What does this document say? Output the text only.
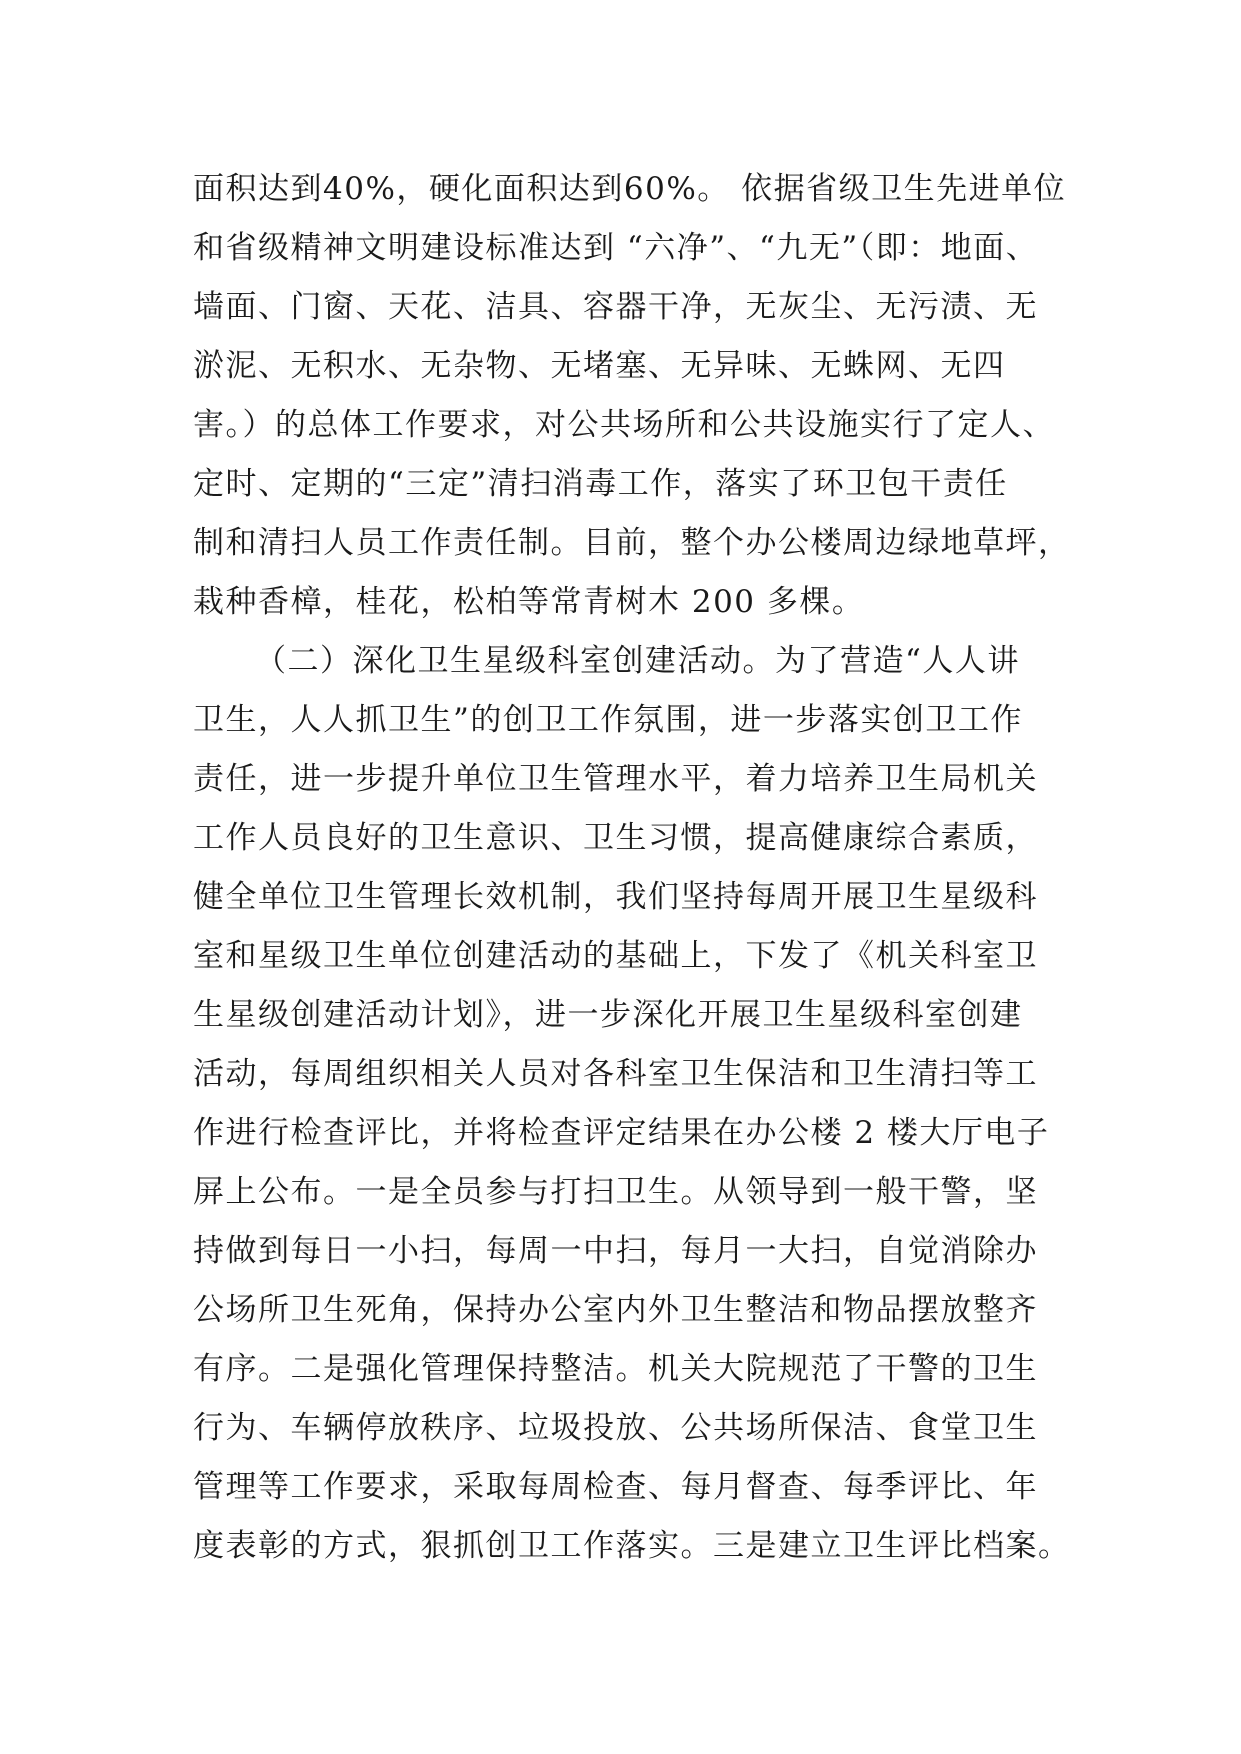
面积达到40%，硬化面积达到60%。 依据省级卫生先进单位
和省级精神文明建设标准达到 “六净”、“九无”（即：地面、
墙面、门窗、天花、洁具、容器干净，无灰尘、无污渍、无
淤泥、无积水、无杂物、无堵塞、无异味、无蛛网、无四
害。）的总体工作要求，对公共场所和公共设施实行了定人、
定时、定期的“三定”清扫消毒工作，落实了环卫包干责任
制和清扫人员工作责任制。目前，整个办公楼周边绿地草坪，
栽种香樟，桂花，松柏等常青树木 200 多棵。
（二）深化卫生星级科室创建活动。为了营造“人人讲
卫生，人人抓卫生”的创卫工作氛围，进一步落实创卫工作
责任，进一步提升单位卫生管理水平，着力培养卫生局机关
工作人员良好的卫生意识、卫生习惯，提高健康综合素质，
健全单位卫生管理长效机制，我们坚持每周开展卫生星级科
室和星级卫生单位创建活动的基础上，下发了《机关科室卫
生星级创建活动计划》，进一步深化开展卫生星级科室创建
活动，每周组织相关人员对各科室卫生保洁和卫生清扫等工
作进行检查评比，并将检查评定结果在办公楼 2 楼大厅电子
屏上公布。一是全员参与打扫卫生。从领导到一般干警，坚
持做到每日一小扫，每周一中扫，每月一大扫，自觉消除办
公场所卫生死角，保持办公室内外卫生整洁和物品摆放整齐
有序。二是强化管理保持整洁。机关大院规范了干警的卫生
行为、车辆停放秩序、垃圾投放、公共场所保洁、食堂卫生
管理等工作要求，采取每周检查、每月督查、每季评比、年
度表彰的方式，狠抓创卫工作落实。三是建立卫生评比档案。
